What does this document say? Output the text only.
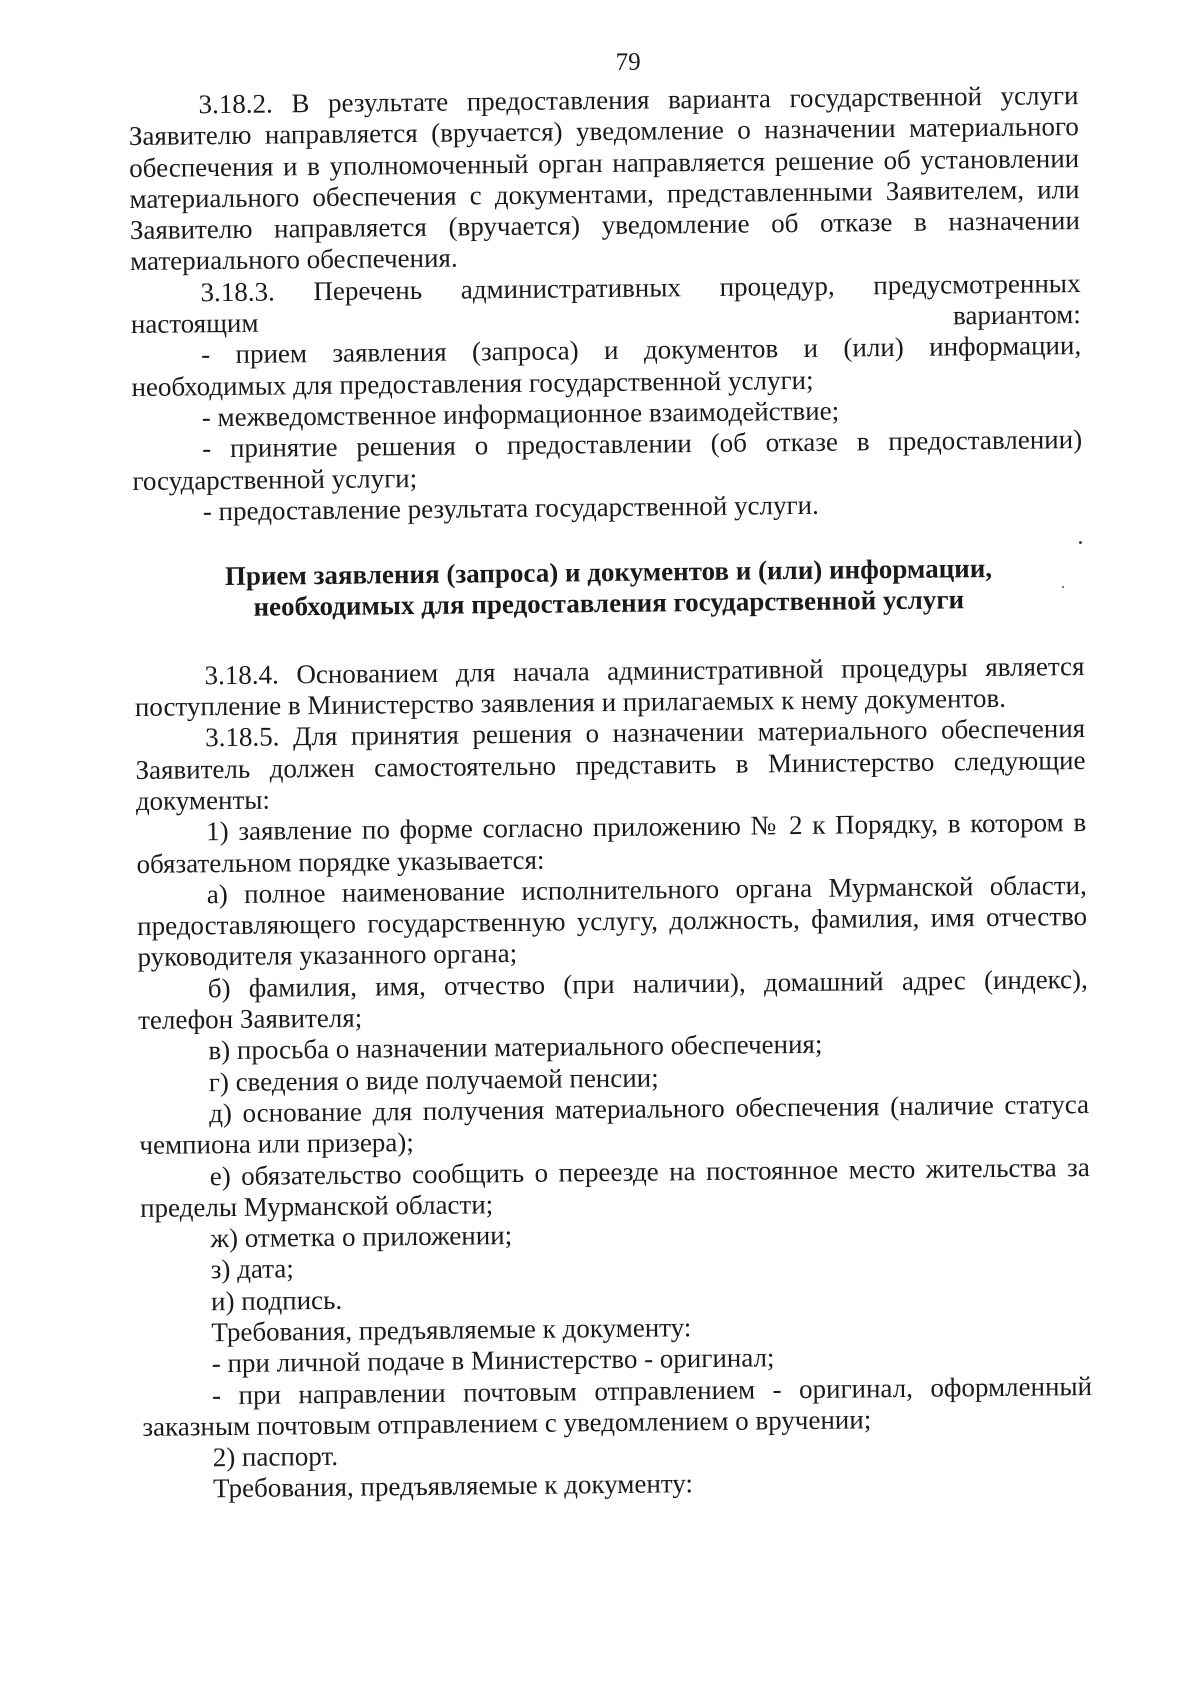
79

3.18.2. В результате предоставления варианта государственной услуги Заявителю направляется (вручается) уведомление о назначении материального обеспечения и в уполномоченный орган направляется решение об установлении материального обеспечения с документами, представленными Заявителем, или Заявителю направляется (вручается) уведомление об отказе в назначении материального обеспечения.

3.18.3. Перечень административных процедур, предусмотренных настоящим вариантом:

- прием заявления (запроса) и документов и (или) информации, необходимых для предоставления государственной услуги;

- межведомственное информационное взаимодействие;

- принятие решения о предоставлении (об отказе в предоставлении) государственной услуги;

- предоставление результата государственной услуги.

Прием заявления (запроса) и документов и (или) информации,
необходимых для предоставления государственной услуги

3.18.4. Основанием для начала административной процедуры является поступление в Министерство заявления и прилагаемых к нему документов.

3.18.5. Для принятия решения о назначении материального обеспечения Заявитель должен самостоятельно представить в Министерство следующие документы:

1) заявление по форме согласно приложению № 2 к Порядку, в котором в обязательном порядке указывается:

а) полное наименование исполнительного органа Мурманской области, предоставляющего государственную услугу, должность, фамилия, имя отчество руководителя указанного органа;

б) фамилия, имя, отчество (при наличии), домашний адрес (индекс), телефон Заявителя;

в) просьба о назначении материального обеспечения;

г) сведения о виде получаемой пенсии;

д) основание для получения материального обеспечения (наличие статуса чемпиона или призера);

е) обязательство сообщить о переезде на постоянное место жительства за пределы Мурманской области;

ж) отметка о приложении;

з) дата;

и) подпись.

Требования, предъявляемые к документу:

- при личной подаче в Министерство - оригинал;

- при направлении почтовым отправлением - оригинал, оформленный заказным почтовым отправлением с уведомлением о вручении;

2) паспорт.

Требования, предъявляемые к документу:
